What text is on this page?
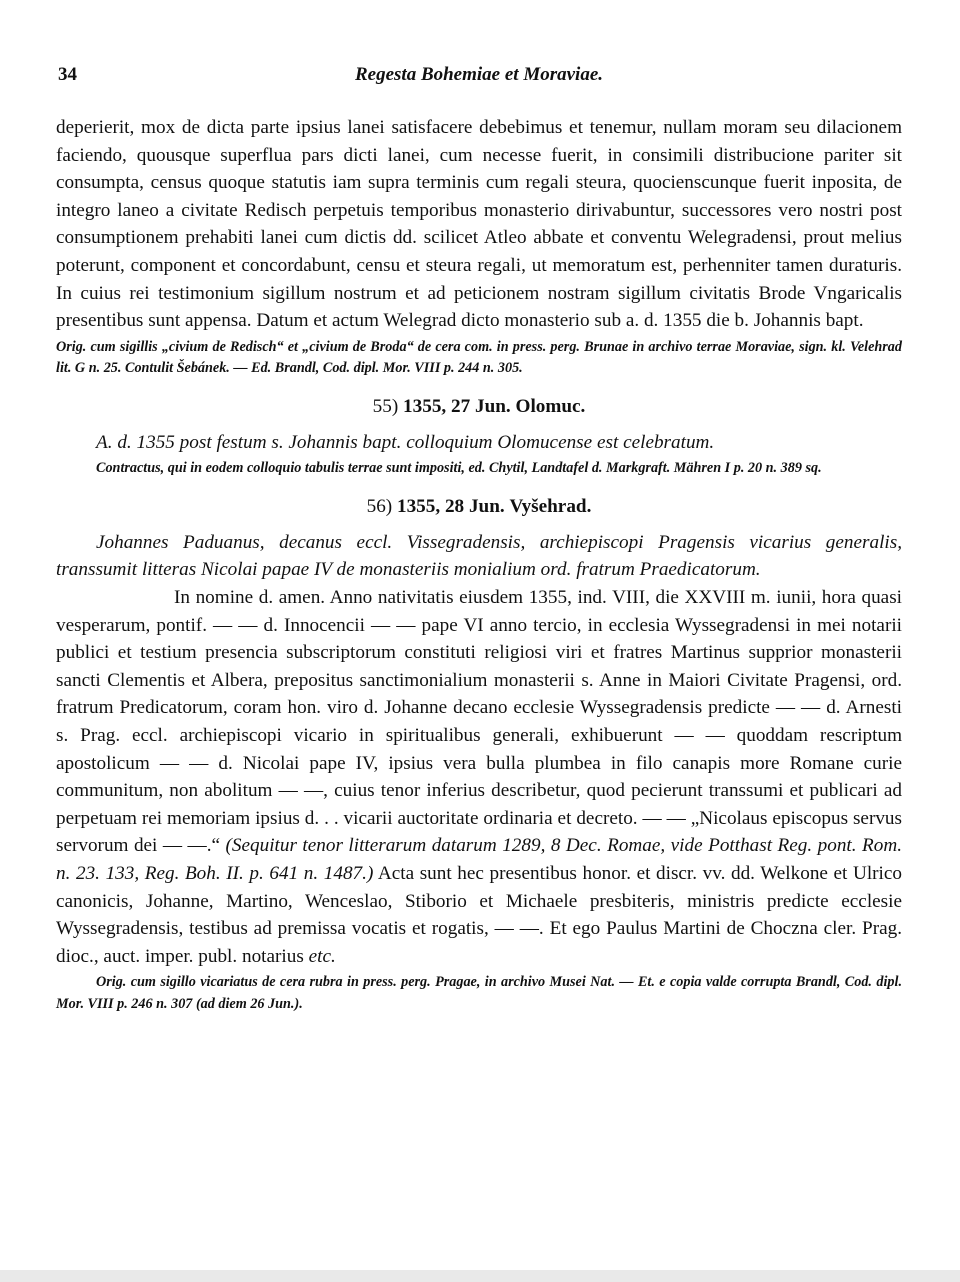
34	Regesta Bohemiae et Moraviae.

deperierit, mox de dicta parte ipsius lanei satisfacere debebimus et tenemur, nullam moram seu dilacionem faciendo, quousque superflua pars dicti lanei, cum necesse fuerit, in consimili distribucione pariter sit consumpta, census quoque statutis iam supra terminis cum regali steura, quocienscunque fuerit inposita, de integro laneo a civitate Redisch perpetuis temporibus monasterio dirivabuntur, successores vero nostri post consumptionem prehabiti lanei cum dictis dd. scilicet Atleo abbate et conventu Welegradensi, prout melius poterunt, component et concordabunt, censu et steura regali, ut memoratum est, perhenniter tamen duraturis. In cuius rei testimonium sigillum nostrum et ad peticionem nostram sigillum civitatis Brode Vngaricalis presentibus sunt appensa. Datum et actum Welegrad dicto monasterio sub a. d. 1355 die b. Johannis bapt.

Orig. cum sigillis „civium de Redisch“ et „civium de Broda“ de cera com. in press. perg. Brunae in archivo terrae Moraviae, sign. kl. Velehrad lit. G n. 25. Contulit Šebánek. — Ed. Brandl, Cod. dipl. Mor. VIII p. 244 n. 305.

55) 1355, 27 Jun. Olomuc.

A. d. 1355 post festum s. Johannis bapt. colloquium Olomucense est celebratum.

Contractus, qui in eodem colloquio tabulis terrae sunt impositi, ed. Chytil, Landtafel d. Markgraft. Mähren I p. 20 n. 389 sq.

56) 1355, 28 Jun. Vyšehrad.

Johannes Paduanus, decanus eccl. Vissegradensis, archiepiscopi Pragensis vicarius generalis, transsumit litteras Nicolai papae IV de monasteriis monialium ord. fratrum Praedicatorum.

In nomine d. amen. Anno nativitatis eiusdem 1355, ind. VIII, die XXVIII m. iunii, hora quasi vesperarum, pontif. — — d. Innocencii — — pape VI anno tercio, in ecclesia Wyssegradensi in mei notarii publici et testium presencia subscriptorum constituti religiosi viri et fratres Martinus supprior monasterii sancti Clementis et Albera, prepositus sanctimonialium monasterii s. Anne in Maiori Civitate Pragensi, ord. fratrum Predicatorum, coram hon. viro d. Johanne decano ecclesie Wyssegradensis predicte — — d. Arnesti s. Prag. eccl. archiepiscopi vicario in spiritualibus generali, exhibuerunt — — quoddam rescriptum apostolicum — — d. Nicolai pape IV, ipsius vera bulla plumbea in filo canapis more Romane curie communitum, non abolitum — —, cuius tenor inferius describetur, quod pecierunt transsumi et publicari ad perpetuam rei memoriam ipsius d. . . vicarii auctoritate ordinaria et decreto. — — „Nicolaus episcopus servus servorum dei — —.“ (Sequitur tenor litterarum datarum 1289, 8 Dec. Romae, vide Potthast Reg. pont. Rom. n. 23. 133, Reg. Boh. II. p. 641 n. 1487.) Acta sunt hec presentibus honor. et discr. vv. dd. Welkone et Ulrico canonicis, Johanne, Martino, Wenceslao, Stiborio et Michaele presbiteris, ministris predicte ecclesie Wyssegradensis, testibus ad premissa vocatis et rogatis, — —. Et ego Paulus Martini de Choczna cler. Prag. dioc., auct. imper. publ. notarius etc.

Orig. cum sigillo vicariatus de cera rubra in press. perg. Pragae, in archivo Musei Nat. — Et. e copia valde corrupta Brandl, Cod. dipl. Mor. VIII p. 246 n. 307 (ad diem 26 Jun.).
